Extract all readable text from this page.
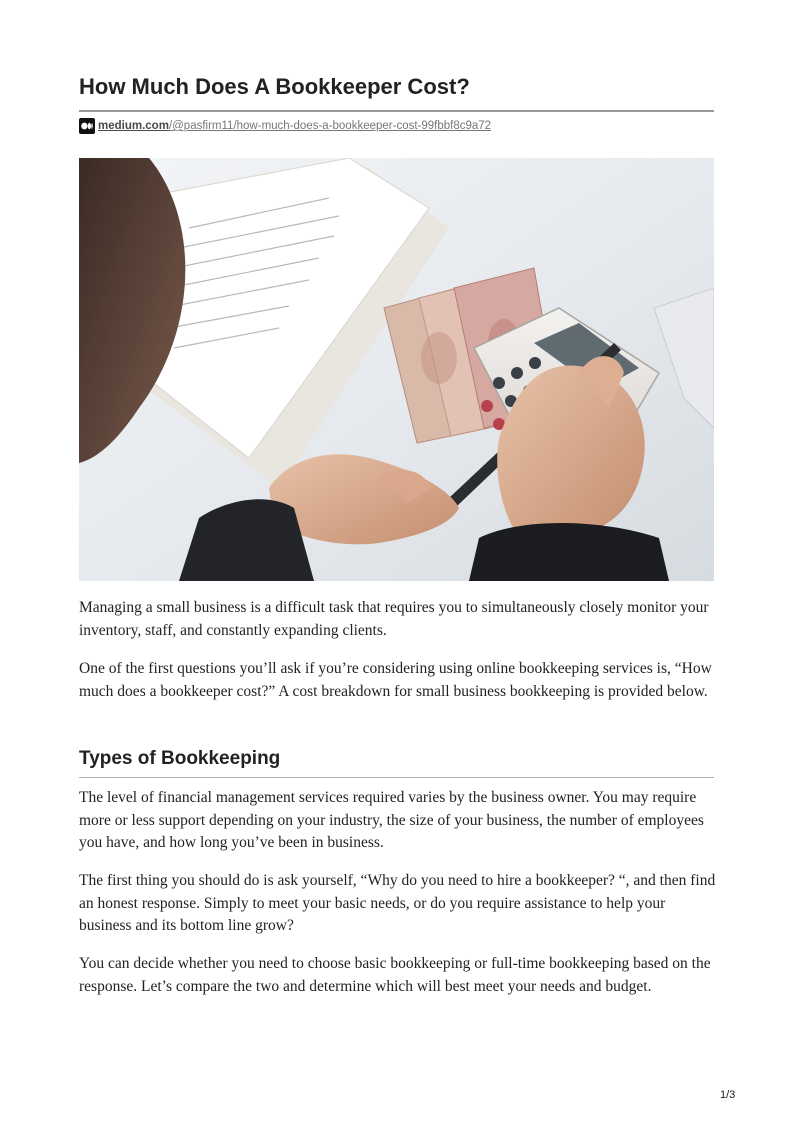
How Much Does A Bookkeeper Cost?
medium.com /@pasfirm11/how-much-does-a-bookkeeper-cost-99fbbf8c9a72

Managing a small business is a difficult task that requires you to simultaneously closely monitor your inventory, staff, and constantly expanding clients.

One of the first questions you’ll ask if you’re considering using online bookkeeping services is, “How much does a bookkeeper cost?” A cost breakdown for small business bookkeeping is provided below.

Types of Bookkeeping

The level of financial management services required varies by the business owner. You may require more or less support depending on your industry, the size of your business, the number of employees you have, and how long you’ve been in business.

The first thing you should do is ask yourself, “Why do you need to hire a bookkeeper? “, and then find an honest response. Simply to meet your basic needs, or do you require assistance to help your business and its bottom line grow?

You can decide whether you need to choose basic bookkeeping or full-time bookkeeping based on the response. Let’s compare the two and determine which will best meet your needs and budget.

1/3
